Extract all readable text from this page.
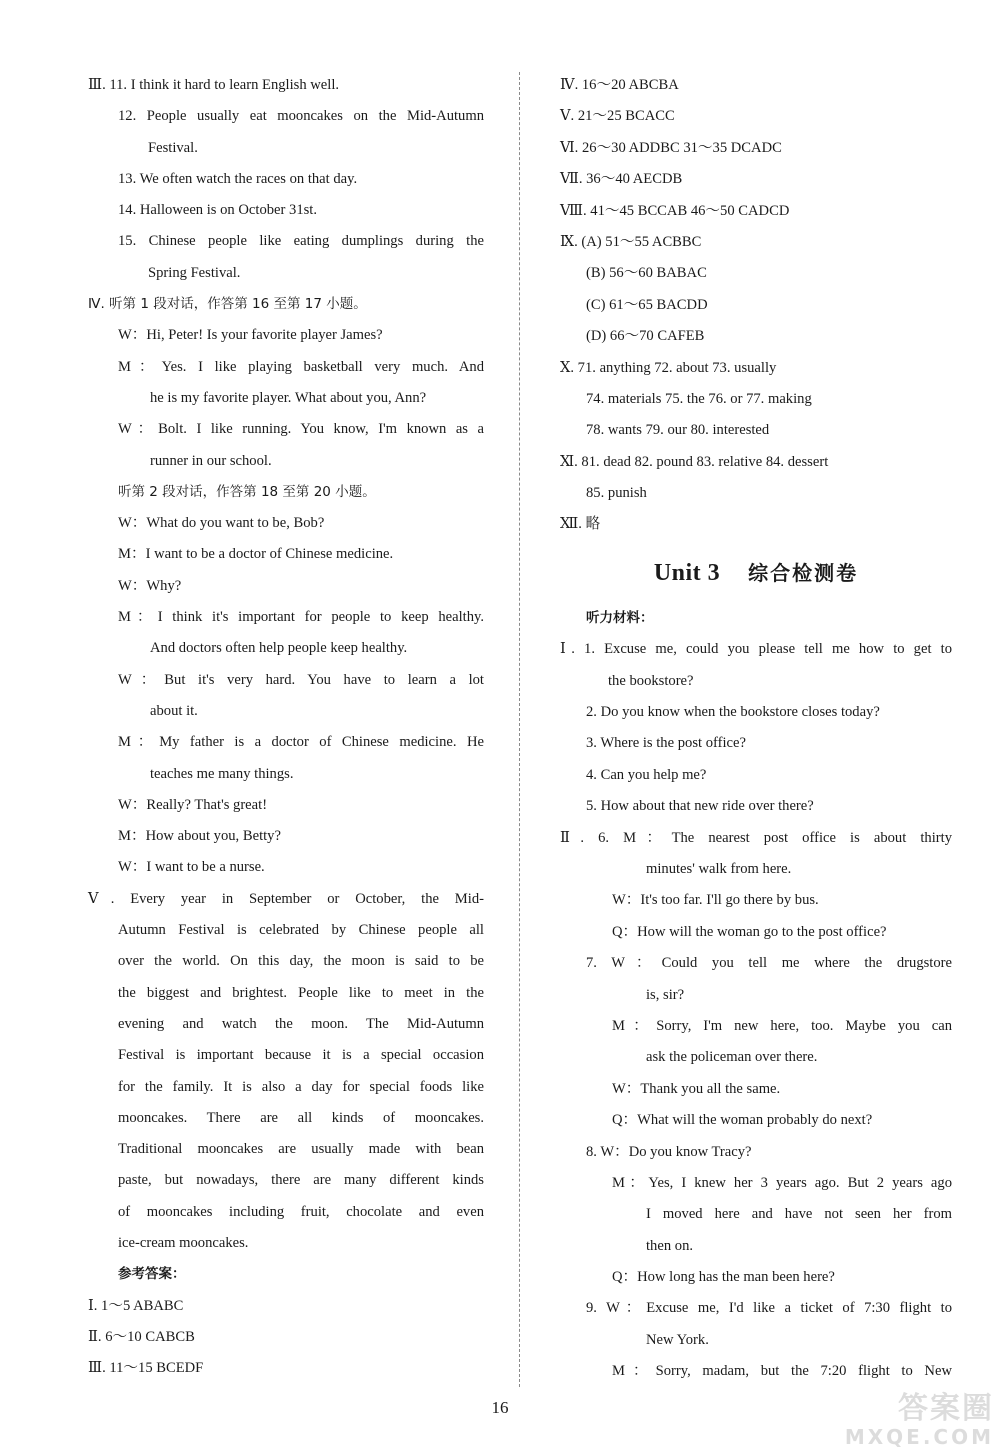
Ⅲ. 11. I think it hard to learn English well.
12. People usually eat mooncakes on the Mid-Autumn
Festival.
13. We often watch the races on that day.
14. Halloween is on October 31st.
15. Chinese people like eating dumplings during the
Spring Festival.
Ⅳ. 听第 1 段对话，作答第 16 至第 17 小题。
W：Hi, Peter! Is your favorite player James?
M：Yes. I like playing basketball very much. And
he is my favorite player. What about you, Ann?
W：Bolt. I like running. You know, I'm known as a
runner in our school.
听第 2 段对话，作答第 18 至第 20 小题。
W：What do you want to be, Bob?
M：I want to be a doctor of Chinese medicine.
W：Why?
M：I think it's important for people to keep healthy.
And doctors often help people keep healthy.
W：But it's very hard. You have to learn a lot
about it.
M：My father is a doctor of Chinese medicine. He
teaches me many things.
W：Really? That's great!
M：How about you, Betty?
W：I want to be a nurse.
Ⅴ. Every year in September or October, the Mid-
Autumn Festival is celebrated by Chinese people all
over the world. On this day, the moon is said to be
the biggest and brightest. People like to meet in the
evening and watch the moon. The Mid-Autumn
Festival is important because it is a special occasion
for the family. It is also a day for special foods like
mooncakes. There are all kinds of mooncakes.
Traditional mooncakes are usually made with bean
paste, but nowadays, there are many different kinds
of mooncakes including fruit, chocolate and even
ice-cream mooncakes.
参考答案：
Ⅰ. 1～5 ABABC
Ⅱ. 6～10 CABCB
Ⅲ. 11～15 BCEDF
Ⅳ. 16～20 ABCBA
Ⅴ. 21～25 BCACC
Ⅵ. 26～30 ADDBC 31～35 DCADC
Ⅶ. 36～40 AECDB
Ⅷ. 41～45 BCCAB 46～50 CADCD
Ⅸ. (A) 51～55 ACBBC
(B) 56～60 BABAC
(C) 61～65 BACDD
(D) 66～70 CAFEB
Ⅹ. 71. anything 72. about 73. usually
74. materials 75. the 76. or 77. making
78. wants 79. our 80. interested
Ⅺ. 81. dead 82. pound 83. relative 84. dessert
85. punish
Ⅻ. 略
Unit 3 综合检测卷
听力材料：
Ⅰ. 1. Excuse me, could you please tell me how to get to
the bookstore?
2. Do you know when the bookstore closes today?
3. Where is the post office?
4. Can you help me?
5. How about that new ride over there?
Ⅱ. 6. M：The nearest post office is about thirty
minutes' walk from here.
W：It's too far. I'll go there by bus.
Q：How will the woman go to the post office?
7. W：Could you tell me where the drugstore
is, sir?
M：Sorry, I'm new here, too. Maybe you can
ask the policeman over there.
W：Thank you all the same.
Q：What will the woman probably do next?
8. W：Do you know Tracy?
M：Yes, I knew her 3 years ago. But 2 years ago
I moved here and have not seen her from
then on.
Q：How long has the man been here?
9. W：Excuse me, I'd like a ticket of 7:30 flight to
New York.
M：Sorry, madam, but the 7:20 flight to New
16	答案圈
MXQE.COM
